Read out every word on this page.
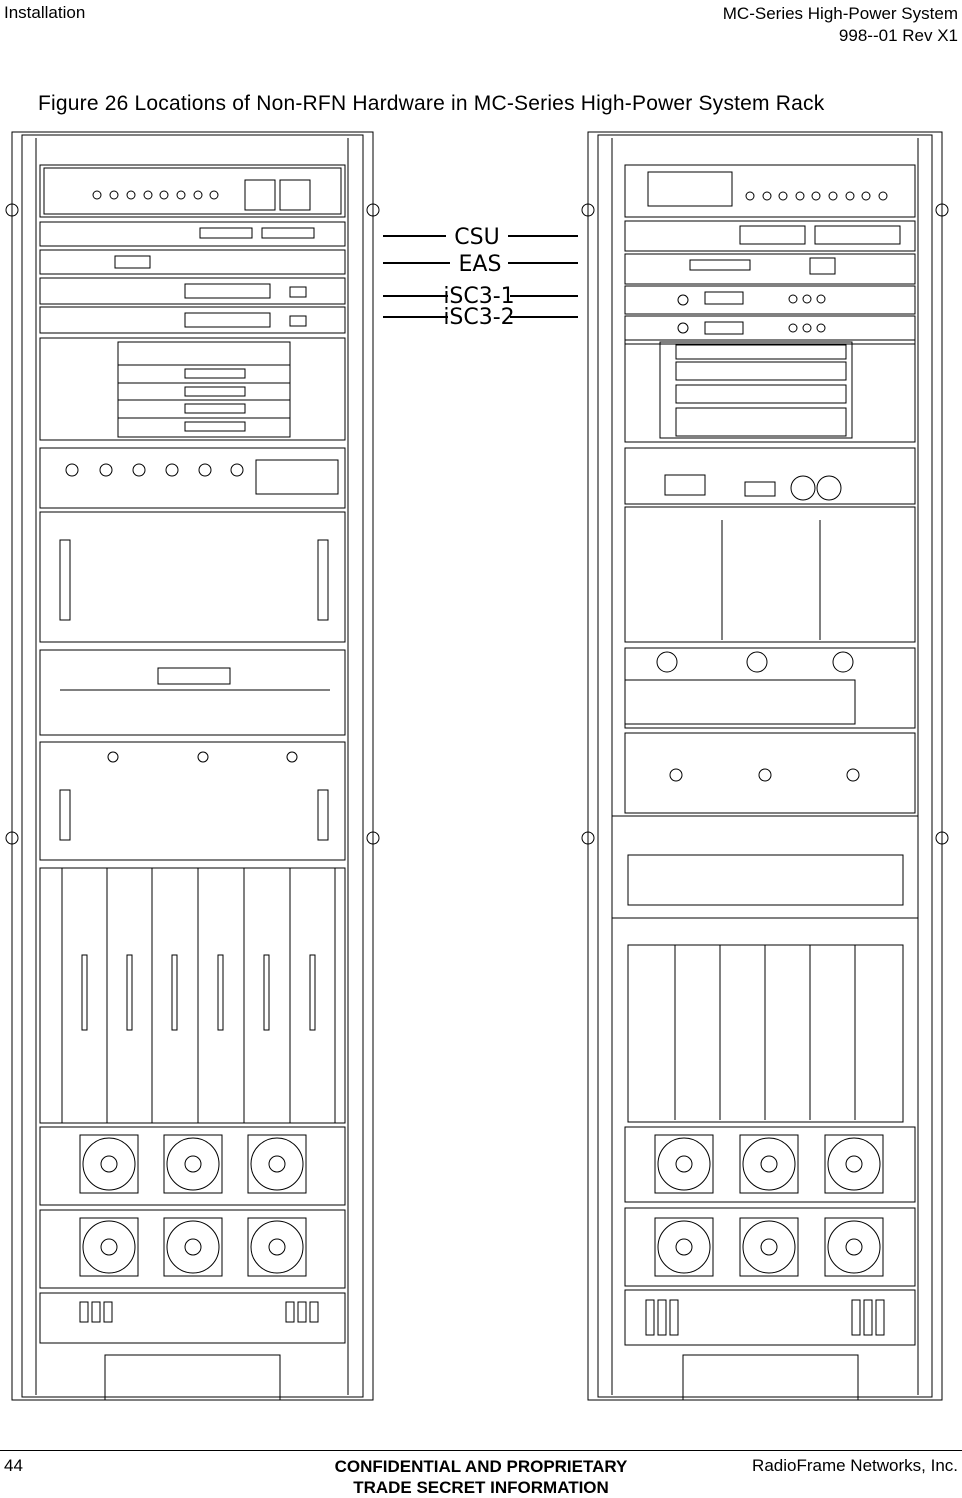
Installation	MC-Series High-Power System
998--01 Rev X1
Figure 26 Locations of Non-RFN Hardware in MC-Series High-Power System Rack
CSU
EAS
iSC3-1
iSC3-2
44	CONFIDENTIAL AND PROPRIETARY
TRADE SECRET INFORMATION
RadioFrame Networks, Inc.
